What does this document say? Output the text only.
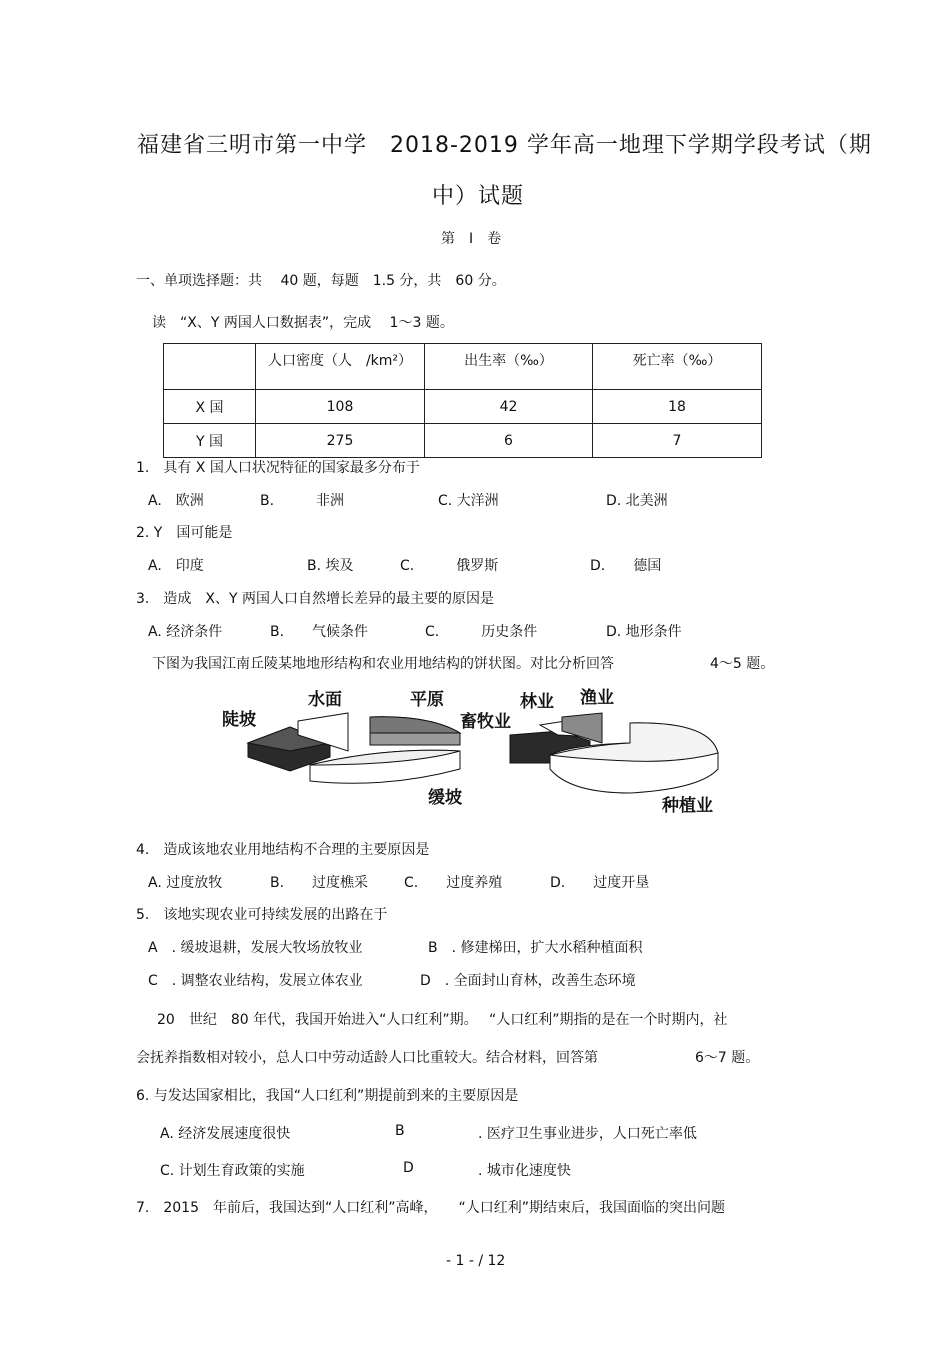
福建省三明市第一中学　2018-2019 学年高一地理下学期学段考试（期
中）试题
第　Ⅰ　卷
一、单项选择题：共　 40 题，每题　1.5 分，共　60 分。
读　“X、Y 两国人口数据表”，完成　 1～3 题。
	人口密度（人　/km²）	出生率（‰）	死亡率（‰）
X 国	108	42	18
Y 国	275	6	7
1.　具有 X 国人口状况特征的国家最多分布于
A.　欧洲	B.　　　非洲	C. 大洋洲	D. 北美洲
2. Y　国可能是
A.　印度	B. 埃及	C.　　　俄罗斯	D.　　德国
3.　造成　X、Y 两国人口自然增长差异的最主要的原因是
A. 经济条件	B.　　气候条件	C.　　　历史条件	D. 地形条件
下图为我国江南丘陵某地地形结构和农业用地结构的饼状图。对比分析回答	4～5 题。
陡坡
水面	平原
缓坡
畜牧业
林业 渔业
种植业
4.　造成该地农业用地结构不合理的主要原因是
A. 过度放牧	B.　　过度樵采	C.　　过度养殖	D.　　过度开垦
5.　该地实现农业可持续发展的出路在于
A　. 缓坡退耕，发展大牧场放牧业	B　. 修建梯田，扩大水稻种植面积
C　. 调整农业结构，发展立体农业	D　. 全面封山育林，改善生态环境
20　世纪　80 年代，我国开始进入“人口红利”期。　 “人口红利”期指的是在一个时期内，社
会抚养指数相对较小，总人口中劳动适龄人口比重较大。结合材料，回答第	6～7 题。
6. 与发达国家相比，我国“人口红利”期提前到来的主要原因是
A. 经济发展速度很快	B	. 医疗卫生事业进步，人口死亡率低
C. 计划生育政策的实施	D	. 城市化速度快
7.　2015　年前后，我国达到“人口红利”高峰，　　“人口红利”期结束后，我国面临的突出问题
- 1 - / 12
